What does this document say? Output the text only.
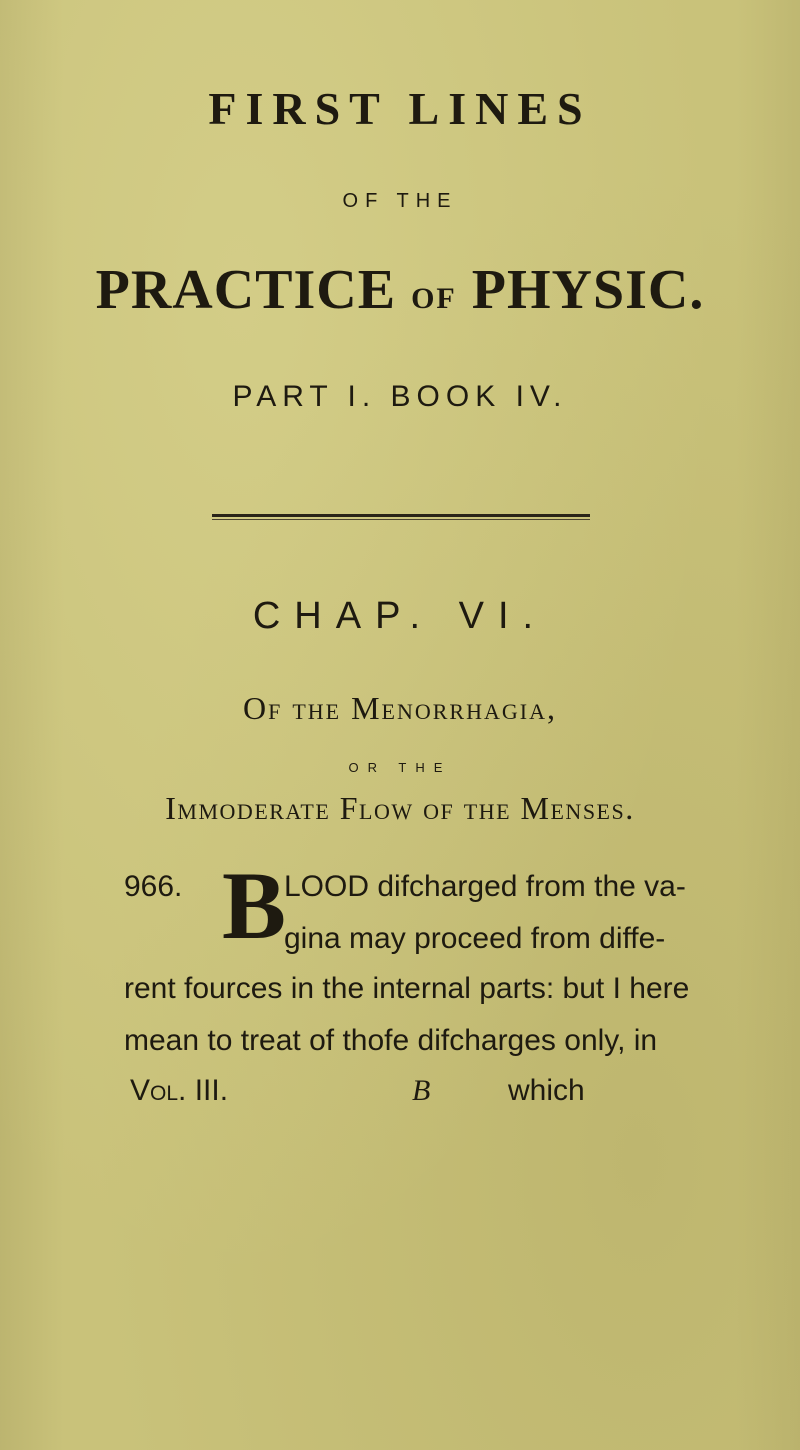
FIRST LINES
OF THE
PRACTICE OF PHYSIC.
PART I. BOOK IV.
CHAP. VI.
Of the Menorrhagia,
OR THE
Immoderate Flow of the Menses.
B
966.	LOOD difcharged from the va-
gina may proceed from diffe-
rent fources in the internal parts: but I here
mean to treat of thofe difcharges only, in
Vol. III.	B	which
